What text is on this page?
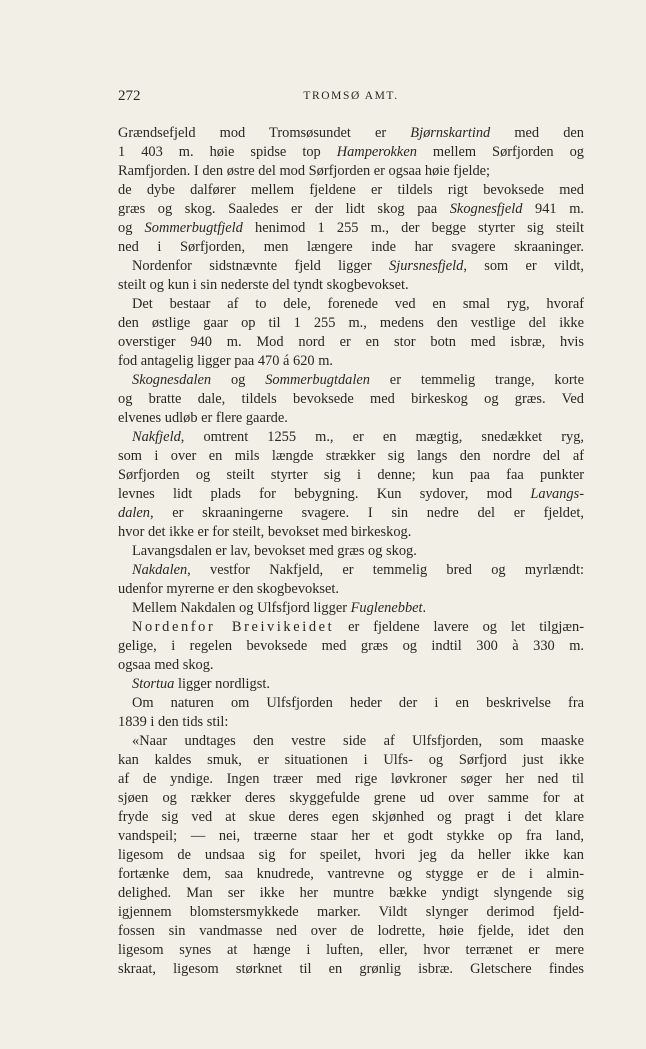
272	TROMSØ AMT.
Grændsefjeld mod Tromsøsundet er Bjørnskartind med den
1 403 m. høie spidse top Hamperokken mellem Sørfjorden og
Ramfjorden. I den østre del mod Sørfjorden er ogsaa høie fjelde;
de dybe dalfører mellem fjeldene er tildels rigt bevoksede med
græs og skog. Saaledes er der lidt skog paa Skognesfjeld 941 m.
og Sommerbugtfjeld henimod 1 255 m., der begge styrter sig steilt
ned i Sørfjorden, men længere inde har svagere skraaninger.
Nordenfor sidstnævnte fjeld ligger Sjursnesfjeld, som er vildt,
steilt og kun i sin nederste del tyndt skogbevokset.
Det bestaar af to dele, forenede ved en smal ryg, hvoraf
den østlige gaar op til 1 255 m., medens den vestlige del ikke
overstiger 940 m. Mod nord er en stor botn med isbræ, hvis
fod antagelig ligger paa 470 á 620 m.
Skognesdalen og Sommerbugtdalen er temmelig trange, korte
og bratte dale, tildels bevoksede med birkeskog og græs. Ved
elvenes udløb er flere gaarde.
Nakfjeld, omtrent 1255 m., er en mægtig, snedækket ryg,
som i over en mils længde strækker sig langs den nordre del af
Sørfjorden og steilt styrter sig i denne; kun paa faa punkter
levnes lidt plads for bebygning. Kun sydover, mod Lavangs-
dalen, er skraaningerne svagere. I sin nedre del er fjeldet,
hvor det ikke er for steilt, bevokset med birkeskog.
Lavangsdalen er lav, bevokset med græs og skog.
Nakdalen, vestfor Nakfjeld, er temmelig bred og myrlændt:
udenfor myrerne er den skogbevokset.
Mellem Nakdalen og Ulfsfjord ligger Fuglenebbet.
Nordenfor Breivikeidet er fjeldene lavere og let tilgjæn-
gelige, i regelen bevoksede med græs og indtil 300 à 330 m.
ogsaa med skog.
Stortua ligger nordligst.
Om naturen om Ulfsfjorden heder der i en beskrivelse fra
1839 i den tids stil:
«Naar undtages den vestre side af Ulfsfjorden, som maaske
kan kaldes smuk, er situationen i Ulfs- og Sørfjord just ikke
af de yndige. Ingen træer med rige løvkroner søger her ned til
sjøen og rækker deres skyggefulde grene ud over samme for at
fryde sig ved at skue deres egen skjønhed og pragt i det klare
vandspeil; — nei, træerne staar her et godt stykke op fra land,
ligesom de undsaa sig for speilet, hvori jeg da heller ikke kan
fortænke dem, saa knudrede, vantrevne og stygge er de i almin-
delighed. Man ser ikke her muntre bække yndigt slyngende sig
igjennem blomstersmykkede marker. Vildt slynger derimod fjeld-
fossen sin vandmasse ned over de lodrette, høie fjelde, idet den
ligesom synes at hænge i luften, eller, hvor terrænet er mere
skraat, ligesom størknet til en grønlig isbræ. Gletschere findes
